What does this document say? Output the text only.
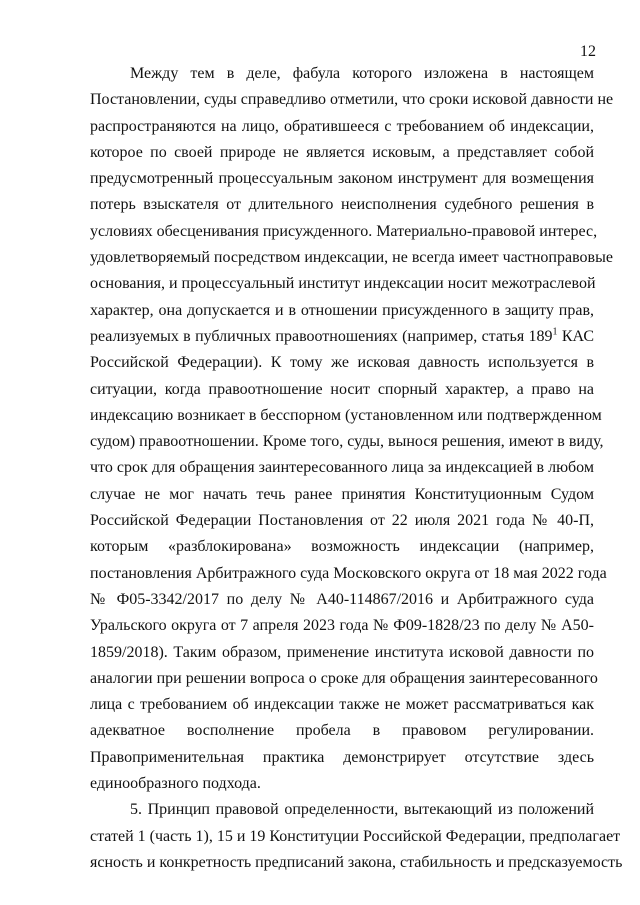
12
Между тем в деле, фабула которого изложена в настоящем
Постановлении, суды справедливо отметили, что сроки исковой давности не
распространяются на лицо, обратившееся с требованием об индексации,
которое по своей природе не является исковым, а представляет собой
предусмотренный процессуальным законом инструмент для возмещения
потерь взыскателя от длительного неисполнения судебного решения в
условиях обесценивания присужденного. Материально-правовой интерес,
удовлетворяемый посредством индексации, не всегда имеет частноправовые
основания, и процессуальный институт индексации носит межотраслевой
характер, она допускается и в отношении присужденного в защиту прав,
реализуемых в публичных правоотношениях (например, статья $189^1$ КАС
Российской Федерации). К тому же исковая давность используется в
ситуации, когда правоотношение носит спорный характер, а право на
индексацию возникает в бесспорном (установленном или подтвержденном
судом) правоотношении. Кроме того, суды, вынося решения, имеют в виду,
что срок для обращения заинтересованного лица за индексацией в любом
случае не мог начать течь ранее принятия Конституционным Судом
Российской Федерации Постановления от 22 июля 2021 года № 40-П,
которым «разблокирована» возможность индексации (например,
постановления Арбитражного суда Московского округа от 18 мая 2022 года
№ Ф05-3342/2017 по делу № А40-114867/2016 и Арбитражного суда
Уральского округа от 7 апреля 2023 года № Ф09-1828/23 по делу № А50-
1859/2018). Таким образом, применение института исковой давности по
аналогии при решении вопроса о сроке для обращения заинтересованного
лица с требованием об индексации также не может рассматриваться как
адекватное восполнение пробела в правовом регулировании.
Правоприменительная практика демонстрирует отсутствие здесь
единообразного подхода.
5. Принцип правовой определенности, вытекающий из положений
статей 1 (часть 1), 15 и 19 Конституции Российской Федерации, предполагает
ясность и конкретность предписаний закона, стабильность и предсказуемость
